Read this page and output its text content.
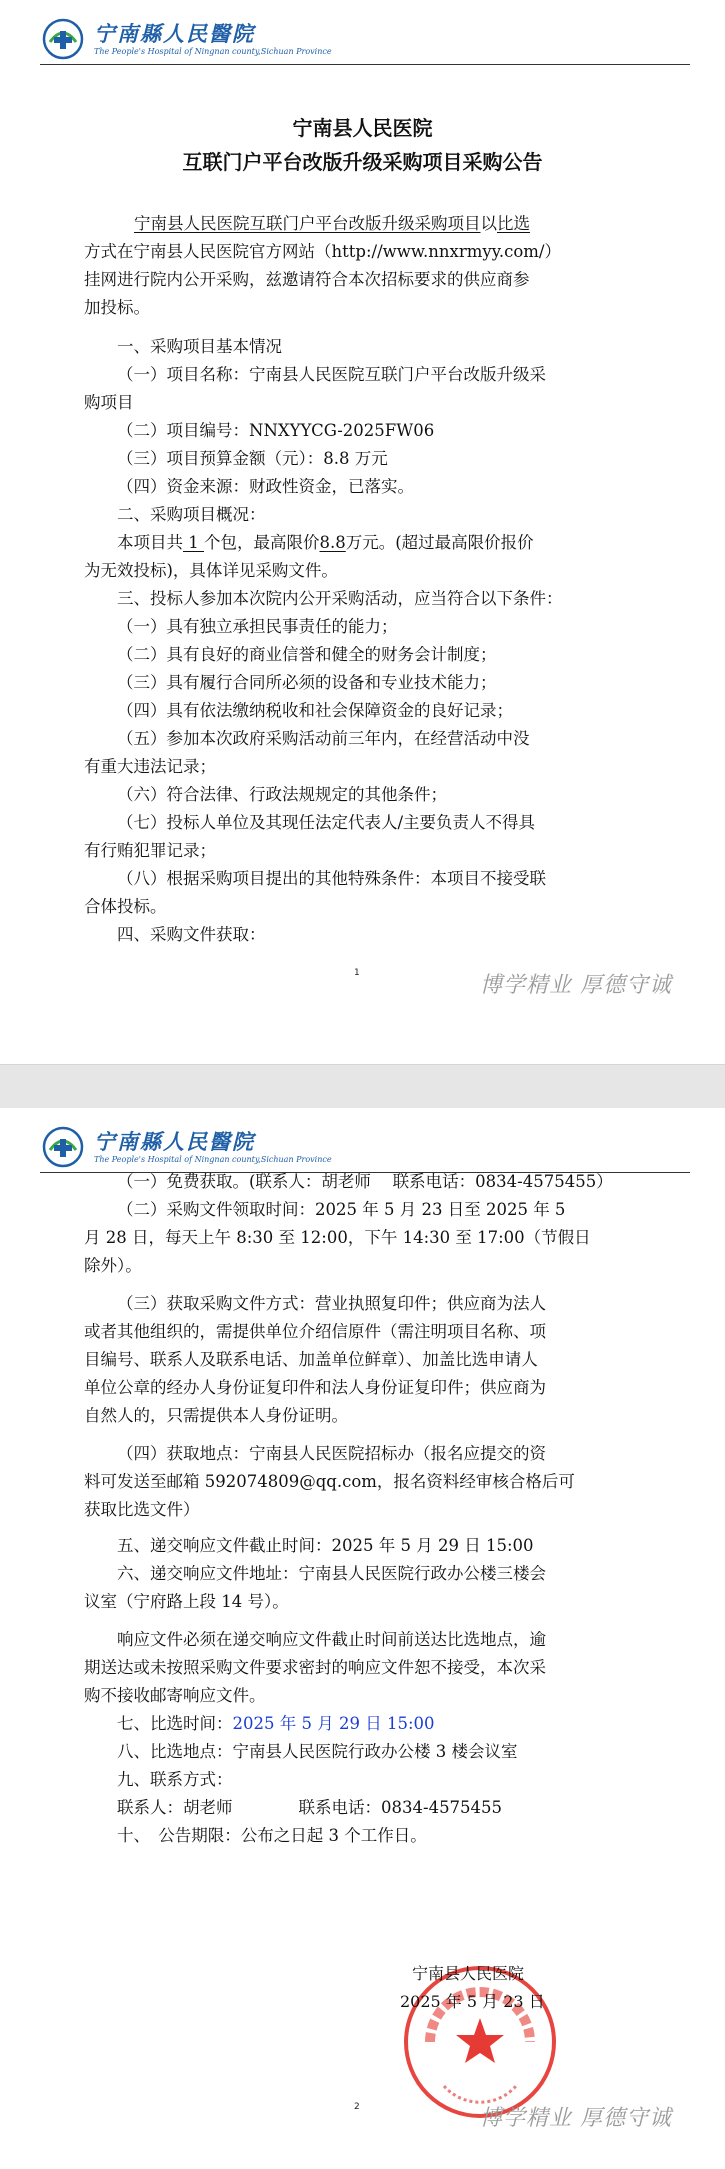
宁南縣人民醫院
The People's Hospital of Ningnan county,Sichuan Province
宁南县人民医院
互联门户平台改版升级采购项目采购公告
宁南县人民医院互联门户平台改版升级采购项目以比选
方式在宁南县人民医院官方网站（http://www.nnxrmyy.com/）
挂网进行院内公开采购，兹邀请符合本次招标要求的供应商参
加投标。
一、采购项目基本情况
（一）项目名称：宁南县人民医院互联门户平台改版升级采
购项目
（二）项目编号：NNXYYCG-2025FW06
（三）项目预算金额（元）：8.8 万元
（四）资金来源：财政性资金，已落实。
二、采购项目概况：
本项目共 1 个包，最高限价8.8万元。(超过最高限价报价
为无效投标)，具体详见采购文件。
三、投标人参加本次院内公开采购活动，应当符合以下条件：
（一）具有独立承担民事责任的能力；
（二）具有良好的商业信誉和健全的财务会计制度；
（三）具有履行合同所必须的设备和专业技术能力；
（四）具有依法缴纳税收和社会保障资金的良好记录；
（五）参加本次政府采购活动前三年内，在经营活动中没
有重大违法记录；
（六）符合法律、行政法规规定的其他条件；
（七）投标人单位及其现任法定代表人/主要负责人不得具
有行贿犯罪记录；
（八）根据采购项目提出的其他特殊条件：本项目不接受联
合体投标。
四、采购文件获取：
1	博学精业 厚德守诚
宁南縣人民醫院
The People's Hospital of Ningnan county,Sichuan Province
（一）免费获取。(联系人：胡老师　 联系电话：0834-4575455）
（二）采购文件领取时间：2025 年 5 月 23 日至 2025 年 5
月 28 日，每天上午 8:30 至 12:00，下午 14:30 至 17:00（节假日
除外）。
（三）获取采购文件方式：营业执照复印件；供应商为法人
或者其他组织的，需提供单位介绍信原件（需注明项目名称、项
目编号、联系人及联系电话、加盖单位鲜章）、加盖比选申请人
单位公章的经办人身份证复印件和法人身份证复印件；供应商为
自然人的，只需提供本人身份证明。
（四）获取地点：宁南县人民医院招标办（报名应提交的资
料可发送至邮箱 592074809@qq.com，报名资料经审核合格后可
获取比选文件）
五、递交响应文件截止时间：2025 年 5 月 29 日 15:00
六、递交响应文件地址：宁南县人民医院行政办公楼三楼会
议室（宁府路上段 14 号）。
响应文件必须在递交响应文件截止时间前送达比选地点，逾
期送达或未按照采购文件要求密封的响应文件恕不接受，本次采
购不接收邮寄响应文件。
七、比选时间：2025 年 5 月 29 日 15:00
八、比选地点：宁南县人民医院行政办公楼 3 楼会议室
九、联系方式：
联系人：胡老师　　　　联系电话：0834-4575455
十、　公告期限：公布之日起 3 个工作日。
宁南县人民医院
2025 年 5 月 23 日
2	博学精业 厚德守诚
